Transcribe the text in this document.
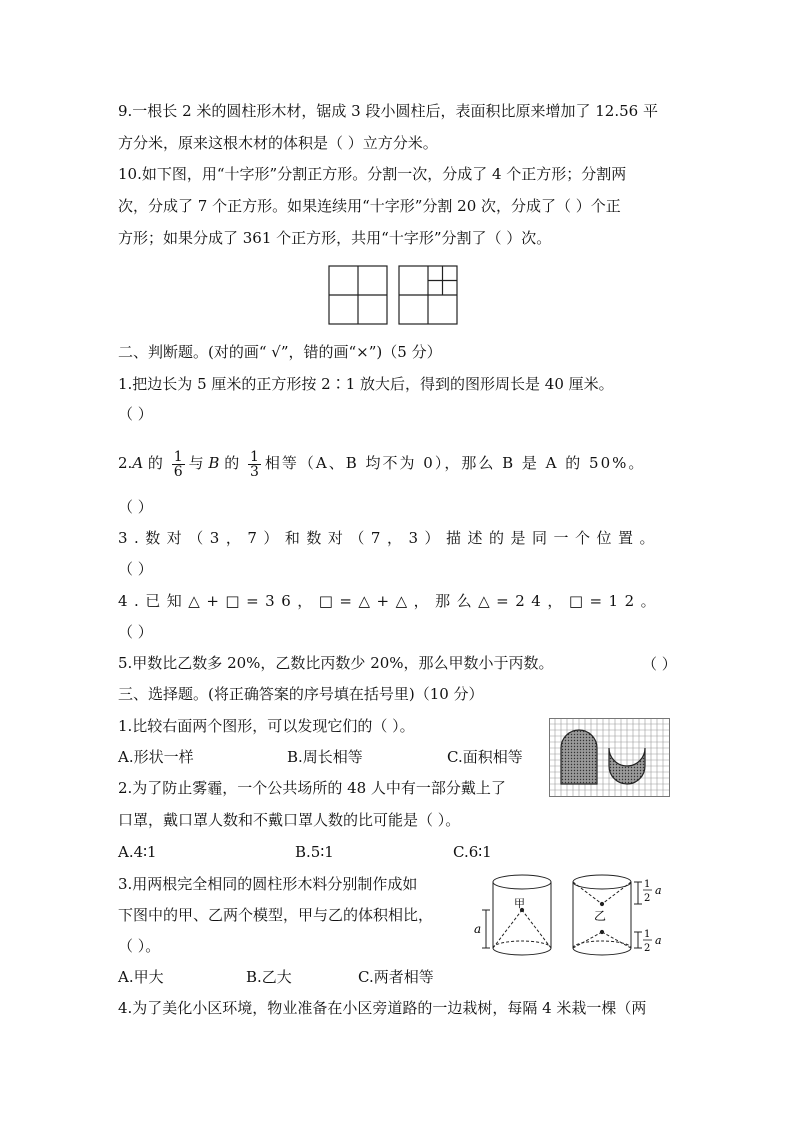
9.一根长 2 米的圆柱形木材，锯成 3 段小圆柱后，表面积比原来增加了 12.56 平
方分米，原来这根木材的体积是（ ）立方分米。
10.如下图，用“十字形”分割正方形。分割一次，分成了 4 个正方形；分割两
次，分成了 7 个正方形。如果连续用“十字形”分割 20 次，分成了（ ）个正
方形；如果分成了 361 个正方形，共用“十字形”分割了（ ）次。
二、判断题。(对的画“ √”，错的画“×”)（5 分）
1.把边长为 5 厘米的正方形按 2∶1 放大后，得到的图形周长是 40 厘米。
（ ）
2.A 的 $\frac{1}{6}$ 与 B 的 $\frac{1}{3}$ 相等（A、B 均不为 0），那么 B 是 A 的 50%。
（ ）
3.数对（3，7）和数对（7，3）描述的是同一个位置。
（ ）
4.已知△+□=36，□=△+△，那么△=24，□=12。
（ ）
5.甲数比乙数多 20%，乙数比丙数少 20%，那么甲数小于丙数。	（ ）
三、选择题。(将正确答案的序号填在括号里)（10 分）
1.比较右面两个图形，可以发现它们的（ ）。
A.形状一样	B.周长相等	C.面积相等
2.为了防止雾霾，一个公共场所的 48 人中有一部分戴上了
口罩，戴口罩人数和不戴口罩人数的比可能是（ ）。
A.4∶1	B.5∶1	C.6∶1
3.用两根完全相同的圆柱形木料分别制作成如
下图中的甲、乙两个模型，甲与乙的体积相比，
（ ）。
甲
乙
a
1
2
a
1
2
a
A.甲大	B.乙大	C.两者相等
4.为了美化小区环境，物业准备在小区旁道路的一边栽树，每隔 4 米栽一棵（两
